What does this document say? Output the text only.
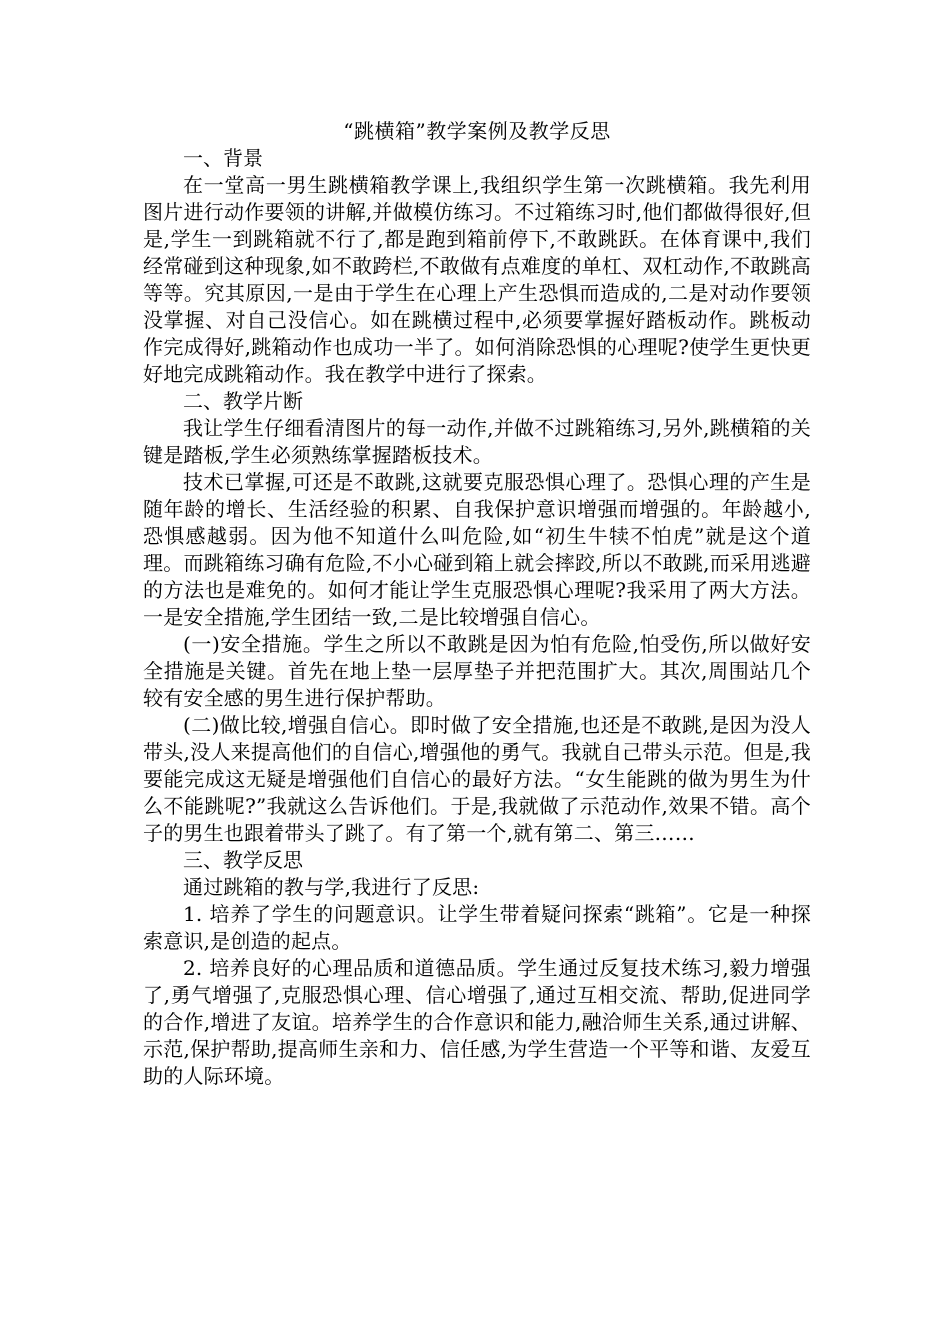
“跳横箱”教学案例及教学反思
一、背景

在一堂高一男生跳横箱教学课上,我组织学生第一次跳横箱。我先利用图片进行动作要领的讲解,并做模仿练习。不过箱练习时,他们都做得很好,但是,学生一到跳箱就不行了,都是跑到箱前停下,不敢跳跃。在体育课中,我们经常碰到这种现象,如不敢跨栏,不敢做有点难度的单杠、双杠动作,不敢跳高等等。究其原因,一是由于学生在心理上产生恐惧而造成的,二是对动作要领没掌握、对自己没信心。如在跳横过程中,必须要掌握好踏板动作。跳板动作完成得好,跳箱动作也成功一半了。如何消除恐惧的心理呢?使学生更快更好地完成跳箱动作。我在教学中进行了探索。

二、教学片断

我让学生仔细看清图片的每一动作,并做不过跳箱练习,另外,跳横箱的关键是踏板,学生必须熟练掌握踏板技术。

技术已掌握,可还是不敢跳,这就要克服恐惧心理了。恐惧心理的产生是随年龄的增长、生活经验的积累、自我保护意识增强而增强的。年龄越小,恐惧感越弱。因为他不知道什么叫危险,如“初生牛犊不怕虎”就是这个道理。而跳箱练习确有危险,不小心碰到箱上就会摔跤,所以不敢跳,而采用逃避的方法也是难免的。如何才能让学生克服恐惧心理呢?我采用了两大方法。一是安全措施,学生团结一致,二是比较增强自信心。

(一)安全措施。学生之所以不敢跳是因为怕有危险,怕受伤,所以做好安全措施是关键。首先在地上垫一层厚垫子并把范围扩大。其次,周围站几个较有安全感的男生进行保护帮助。

(二)做比较,增强自信心。即时做了安全措施,也还是不敢跳,是因为没人带头,没人来提高他们的自信心,增强他的勇气。我就自己带头示范。但是,我要能完成这无疑是增强他们自信心的最好方法。“女生能跳的做为男生为什么不能跳呢?”我就这么告诉他们。于是,我就做了示范动作,效果不错。高个子的男生也跟着带头了跳了。有了第一个,就有第二、第三……

三、教学反思

通过跳箱的教与学,我进行了反思:

1. 培养了学生的问题意识。让学生带着疑问探索“跳箱”。它是一种探索意识,是创造的起点。

2. 培养良好的心理品质和道德品质。学生通过反复技术练习,毅力增强了,勇气增强了,克服恐惧心理、信心增强了,通过互相交流、帮助,促进同学的合作,增进了友谊。培养学生的合作意识和能力,融洽师生关系,通过讲解、示范,保护帮助,提高师生亲和力、信任感,为学生营造一个平等和谐、友爱互助的人际环境。
